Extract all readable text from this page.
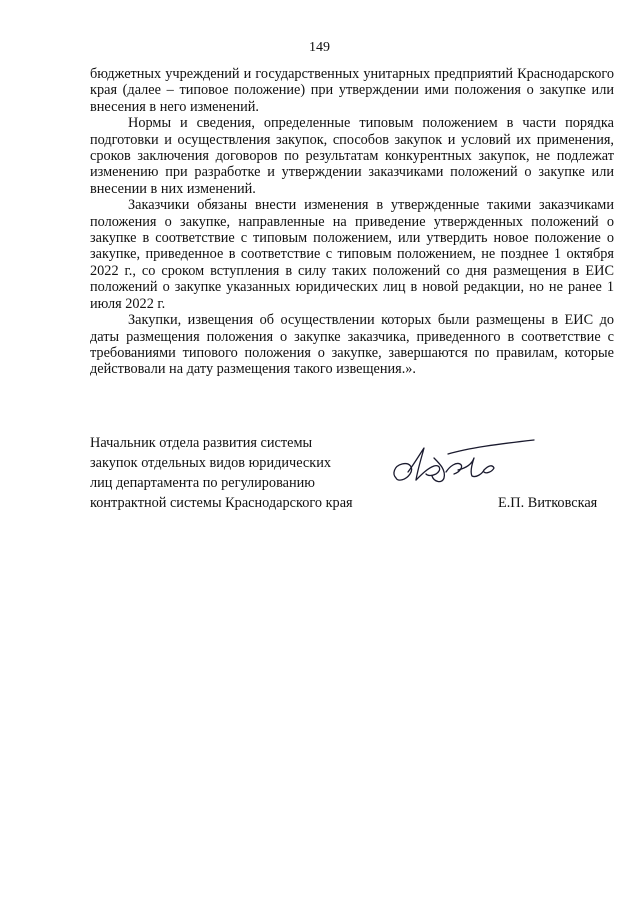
149

бюджетных учреждений и государственных унитарных предприятий Краснодарского края (далее – типовое положение) при утверждении ими положения о закупке или внесения в него изменений.

Нормы и сведения, определенные типовым положением в части порядка подготовки и осуществления закупок, способов закупок и условий их применения, сроков заключения договоров по результатам конкурентных закупок, не подлежат изменению при разработке и утверждении заказчиками положений о закупке или внесении в них изменений.

Заказчики обязаны внести изменения в утвержденные такими заказчиками положения о закупке, направленные на приведение утвержденных положений о закупке в соответствие с типовым положением, или утвердить новое положение о закупке, приведенное в соответствие с типовым положением, не позднее 1 октября 2022 г., со сроком вступления в силу таких положений со дня размещения в ЕИС положений о закупке указанных юридических лиц в новой редакции, но не ранее 1 июля 2022 г.

Закупки, извещения об осуществлении которых были размещены в ЕИС до даты размещения положения о закупке заказчика, приведенного в соответствие с требованиями типового положения о закупке, завершаются по правилам, которые действовали на дату размещения такого извещения.».

Начальник отдела развития системы
закупок отдельных видов юридических
лиц департамента по регулированию
контрактной системы Краснодарского края	Е.П. Витковская
